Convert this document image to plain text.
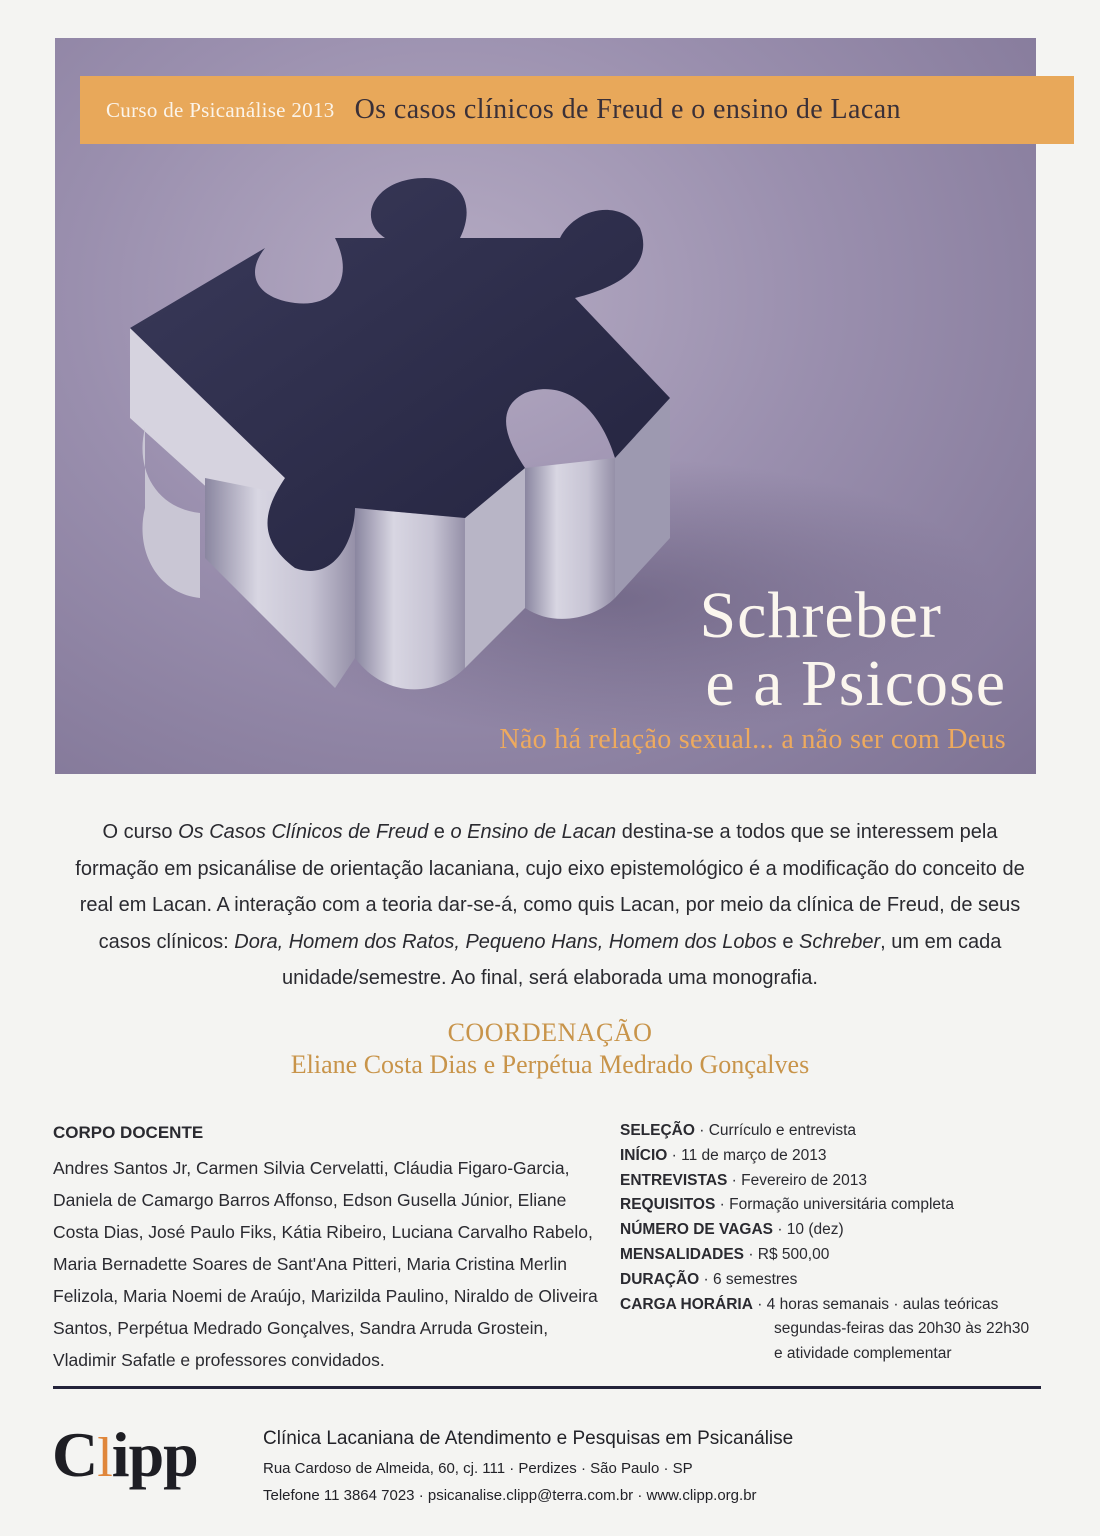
Curso de Psicanálise 2013 Os casos clínicos de Freud e o ensino de Lacan
Schreber
e a Psicose
Não há relação sexual... a não ser com Deus
O curso Os Casos Clínicos de Freud e o Ensino de Lacan destina-se a todos que se interessem pela formação em psicanálise de orientação lacaniana, cujo eixo epistemológico é a modificação do conceito de real em Lacan. A interação com a teoria dar-se-á, como quis Lacan, por meio da clínica de Freud, de seus casos clínicos: Dora, Homem dos Ratos, Pequeno Hans, Homem dos Lobos e Schreber, um em cada unidade/semestre. Ao final, será elaborada uma monografia.
COORDENAÇÃO
Eliane Costa Dias e Perpétua Medrado Gonçalves
CORPO DOCENTE
Andres Santos Jr, Carmen Silvia Cervelatti, Cláudia Figaro-Garcia, Daniela de Camargo Barros Affonso, Edson Gusella Júnior, Eliane Costa Dias, José Paulo Fiks, Kátia Ribeiro, Luciana Carvalho Rabelo, Maria Bernadette Soares de Sant'Ana Pitteri, Maria Cristina Merlin Felizola, Maria Noemi de Araújo, Marizilda Paulino, Niraldo de Oliveira Santos, Perpétua Medrado Gonçalves, Sandra Arruda Grostein, Vladimir Safatle e professores convidados.
SELEÇÃO · Currículo e entrevista
INÍCIO · 11 de março de 2013
ENTREVISTAS · Fevereiro de 2013
REQUISITOS · Formação universitária completa
NÚMERO DE VAGAS · 10 (dez)
MENSALIDADES · R$ 500,00
DURAÇÃO · 6 semestres
CARGA HORÁRIA · 4 horas semanais · aulas teóricas
segundas-feiras das 20h30 às 22h30
e atividade complementar
Clipp	Clínica Lacaniana de Atendimento e Pesquisas em Psicanálise
Rua Cardoso de Almeida, 60, cj. 111 · Perdizes · São Paulo · SP
Telefone 11 3864 7023 · psicanalise.clipp@terra.com.br · www.clipp.org.br
